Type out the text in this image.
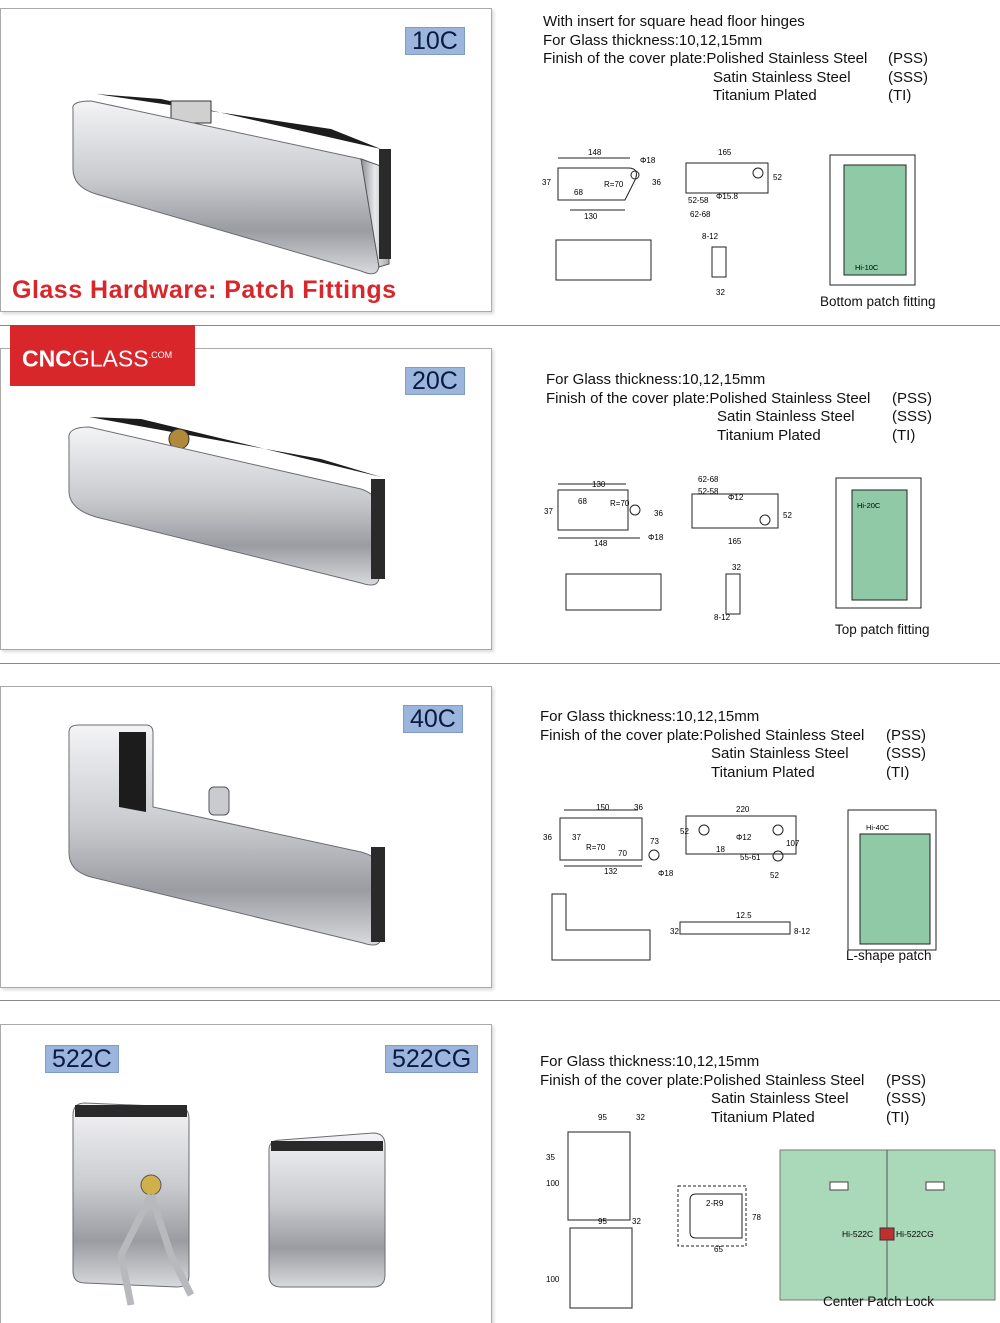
10C
Glass Hardware: Patch Fittings
With insert for square head floor hinges
For Glass thickness:10,12,15mm
Finish of the cover plate:Polished Stainless Steel (PSS)
Satin Stainless Steel (SSS)
Titanium Plated	(TI)
148
Φ18
37
68
R=70	36
130
165
52
52-58 Φ15.8
62-68
8-12
32
Hi-10C
Bottom patch fitting
20C
$CNCGLASS^{.COM}$
For Glass thickness:10,12,15mm
Finish of the cover plate:Polished Stainless Steel (PSS)
Satin Stainless Steel (SSS)
Titanium Plated	(TI)
130
68	R=70
37	36
148
Φ18
62-68
52-58
Φ12
52
165
32
8-12
Hi-20C
Top patch fitting
40C	For Glass thickness:10,12,15mm
Finish of the cover plate:Polished Stainless Steel (PSS)
Satin Stainless Steel (SSS)
Titanium Plated	(TI)
150	36
36	37
R=70
70
73
132	Φ18
220
52
Φ12
18
55-61
107
52
12.5
32	8-12
Hi-40C
L-shape patch
522C	522CG	For Glass thickness:10,12,15mm
Finish of the cover plate:Polished Stainless Steel (PSS)
Satin Stainless Steel (SSS)
Titanium Plated	(TI)
95	32
35
100
95	32
100
2-R9
78
65
Hi-522C	Hi-522CG
Center Patch Lock
